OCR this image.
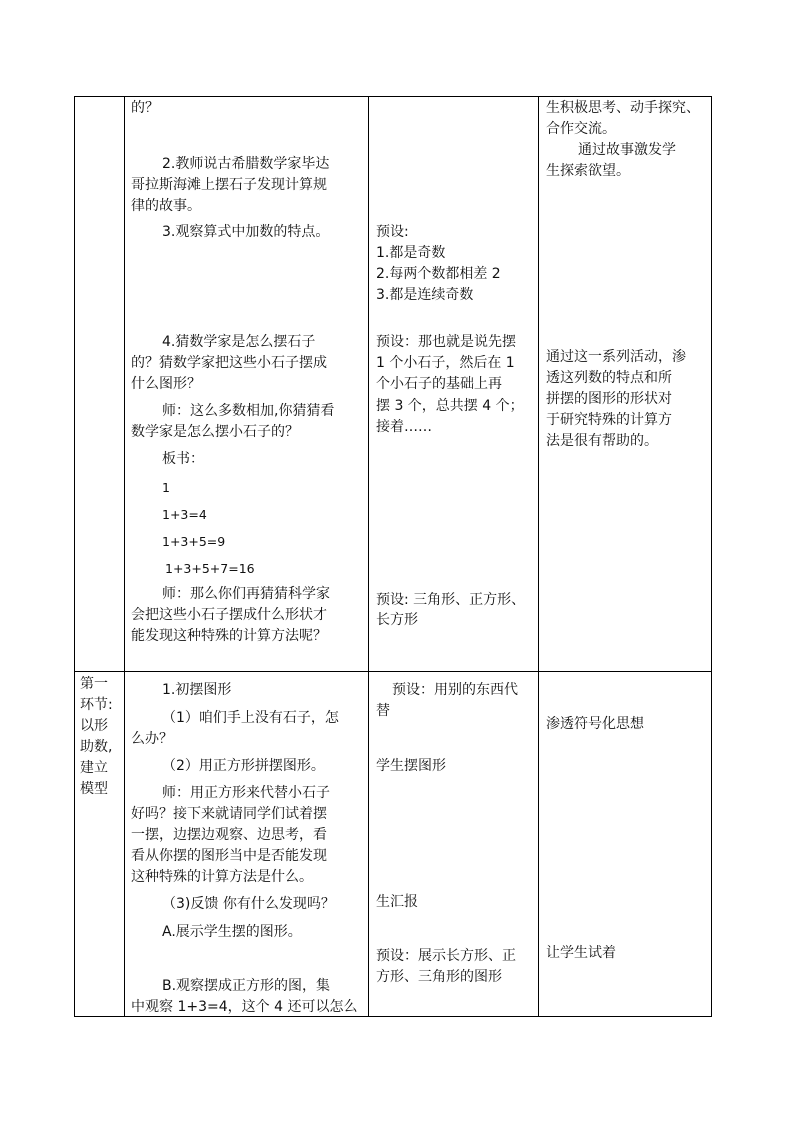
第一
环节:
以形
助数,
建立
模型
的？
2.教师说古希腊数学家毕达
哥拉斯海滩上摆石子发现计算规
律的故事。
3.观察算式中加数的特点。
4.猜数学家是怎么摆石子
的？猜数学家把这些小石子摆成
什么图形？
师：这么多数相加,你猜猜看
数学家是怎么摆小石子的？
板书：
1
1+3=4
1+3+5=9
1+3+5+7=16
师：那么你们再猜猜科学家
会把这些小石子摆成什么形状才
能发现这种特殊的计算方法呢？
预设:
1.都是奇数
2.每两个数都相差 2
3.都是连续奇数
预设：那也就是说先摆
1 个小石子，然后在 1
个小石子的基础上再
摆 3 个，总共摆 4 个；
接着……
预设: 三角形、正方形、
长方形
生积极思考、动手探究、
合作交流。
通过故事激发学
生探索欲望。
通过这一系列活动，渗
透这列数的特点和所
拼摆的图形的形状对
于研究特殊的计算方
法是很有帮助的。
1.初摆图形
（1）咱们手上没有石子，怎
么办？
（2）用正方形拼摆图形。
师：用正方形来代替小石子
好吗？接下来就请同学们试着摆
一摆，边摆边观察、边思考，看
看从你摆的图形当中是否能发现
这种特殊的计算方法是什么。
（3)反馈 你有什么发现吗？
A.展示学生摆的图形。
B.观察摆成正方形的图，集
中观察 1+3=4，这个 4 还可以怎么
预设：用别的东西代
替
学生摆图形
生汇报
预设：展示长方形、正
方形、三角形的图形
渗透符号化思想
让学生试着
